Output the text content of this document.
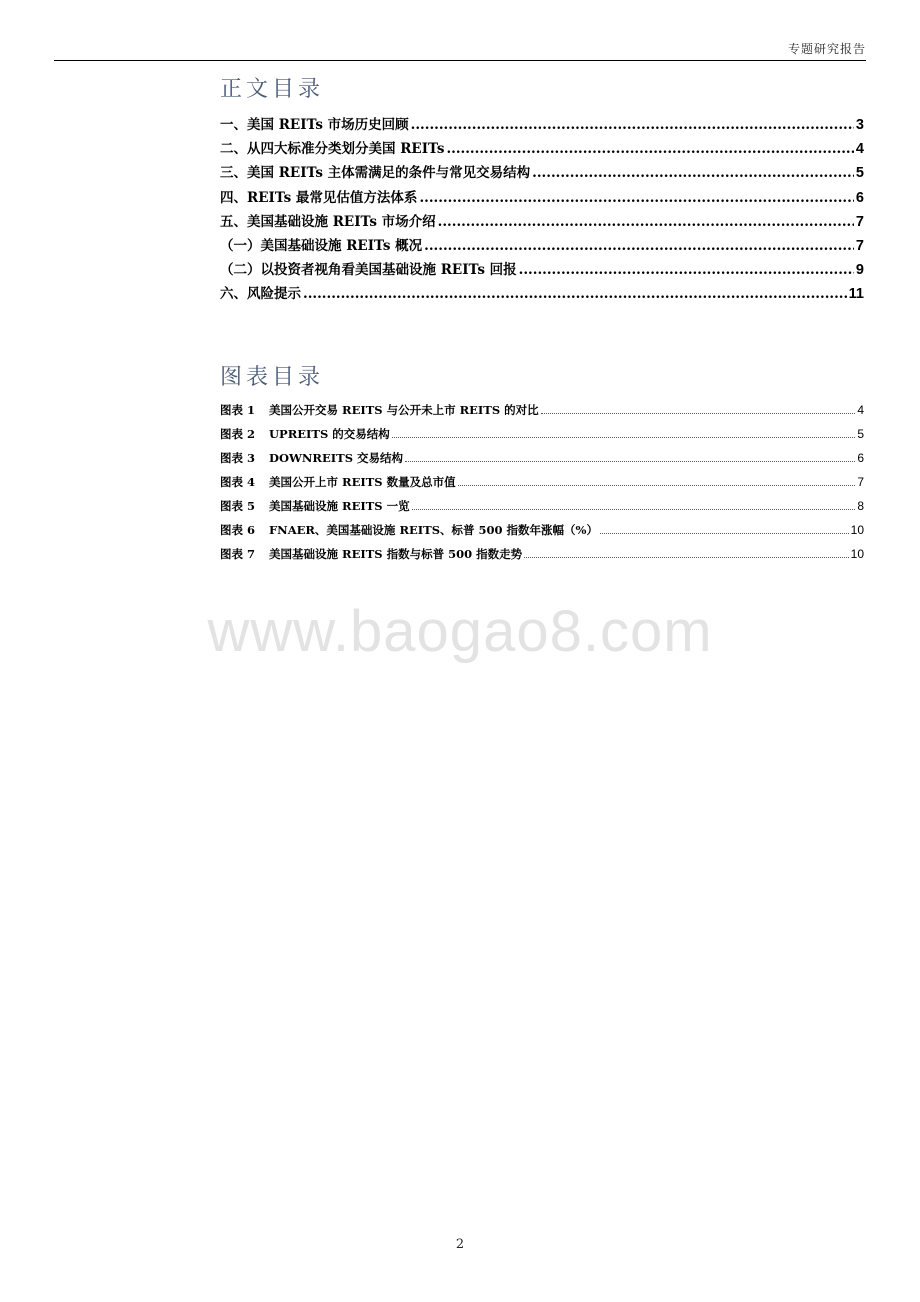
专题研究报告
正文目录
一、美国 REITs 市场历史回顾 .....	3
二、从四大标准分类划分美国 REITs .....	4
三、美国 REITs 主体需满足的条件与常见交易结构 .....	5
四、REITs 最常见估值方法体系 .....	6
五、美国基础设施 REITs 市场介绍 .....	7
（一）美国基础设施 REITs 概况 .....	7
（二）以投资者视角看美国基础设施 REITs 回报 .....	9
六、风险提示 .....	11
图表目录
图表 1 美国公开交易 REITS 与公开未上市 REITS 的对比	4
图表 2 UPREITS 的交易结构	5
图表 3 DOWNREITS 交易结构	6
图表 4 美国公开上市 REITS 数量及总市值	7
图表 5 美国基础设施 REITS 一览	8
图表 6 FNAER、美国基础设施 REITS、标普 500 指数年涨幅（%）	10
图表 7 美国基础设施 REITS 指数与标普 500 指数走势	10
www.baogao8.com
2
